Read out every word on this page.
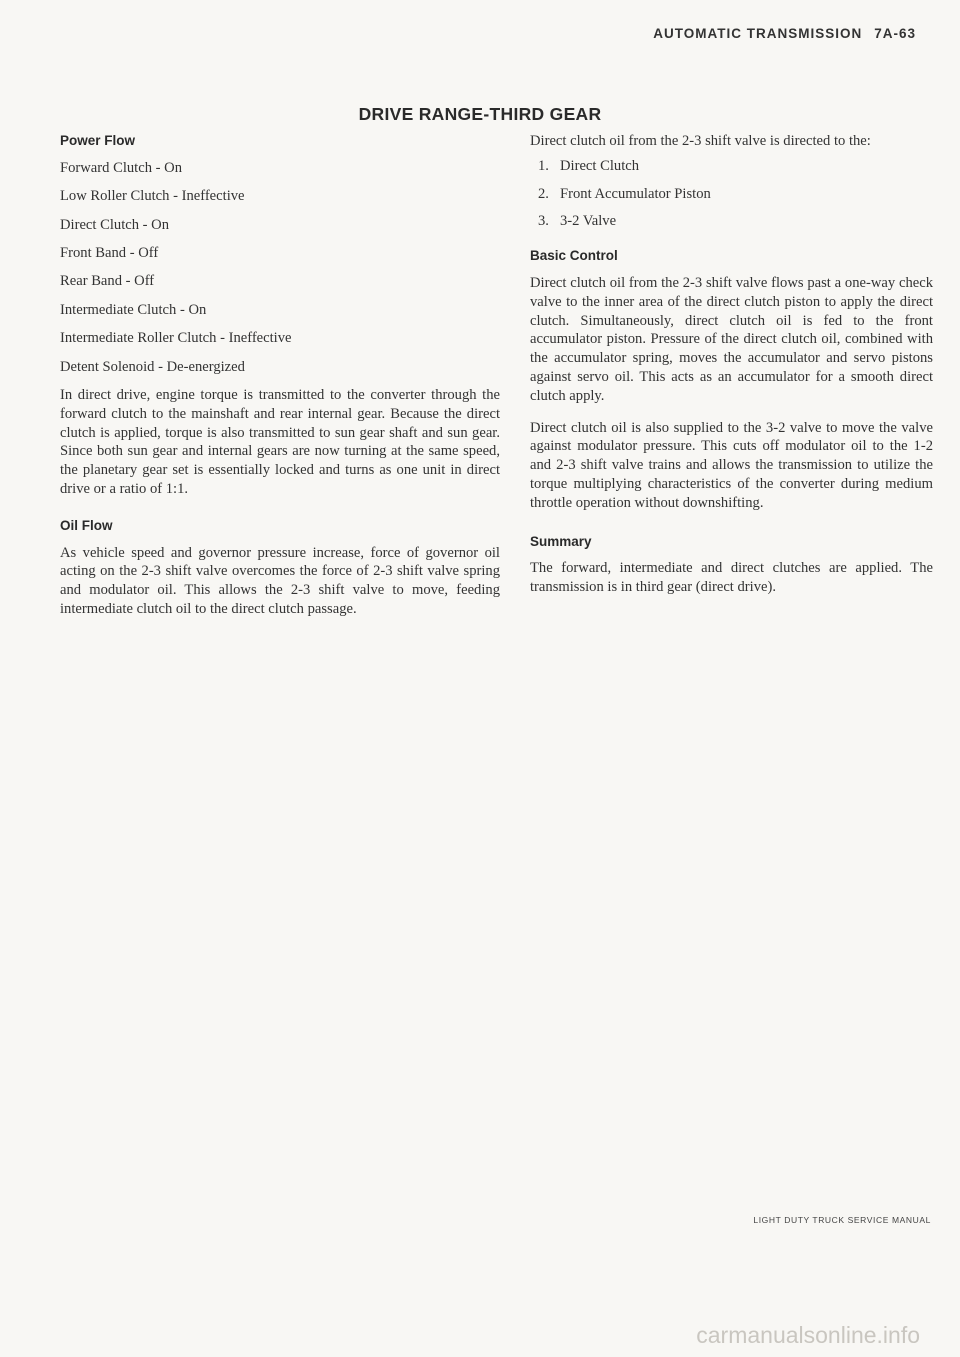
AUTOMATIC TRANSMISSION 7A-63
DRIVE RANGE-THIRD GEAR
Power Flow
Forward Clutch - On
Low Roller Clutch - Ineffective
Direct Clutch - On
Front Band - Off
Rear Band - Off
Intermediate Clutch - On
Intermediate Roller Clutch - Ineffective
Detent Solenoid - De-energized

In direct drive, engine torque is transmitted to the converter through the forward clutch to the mainshaft and rear internal gear. Because the direct clutch is applied, torque is also transmitted to sun gear shaft and sun gear. Since both sun gear and internal gears are now turning at the same speed, the planetary gear set is essentially locked and turns as one unit in direct drive or a ratio of 1:1.

Oil Flow

As vehicle speed and governor pressure increase, force of governor oil acting on the 2-3 shift valve overcomes the force of 2-3 shift valve spring and modulator oil. This allows the 2-3 shift valve to move, feeding intermediate clutch oil to the direct clutch passage.

Direct clutch oil from the 2-3 shift valve is directed to the:

1. Direct Clutch
2. Front Accumulator Piston
3. 3-2 Valve
Basic Control

Direct clutch oil from the 2-3 shift valve flows past a one-way check valve to the inner area of the direct clutch piston to apply the direct clutch. Simultaneously, direct clutch oil is fed to the front accumulator piston. Pressure of the direct clutch oil, combined with the accumulator spring, moves the accumulator and servo pistons against servo oil. This acts as an accumulator for a smooth direct clutch apply.

Direct clutch oil is also supplied to the 3-2 valve to move the valve against modulator pressure. This cuts off modulator oil to the 1-2 and 2-3 shift valve trains and allows the transmission to utilize the torque multiplying characteristics of the converter during medium throttle operation without downshifting.

Summary

The forward, intermediate and direct clutches are applied. The transmission is in third gear (direct drive).

LIGHT DUTY TRUCK SERVICE MANUAL
carmanualsonline.info
